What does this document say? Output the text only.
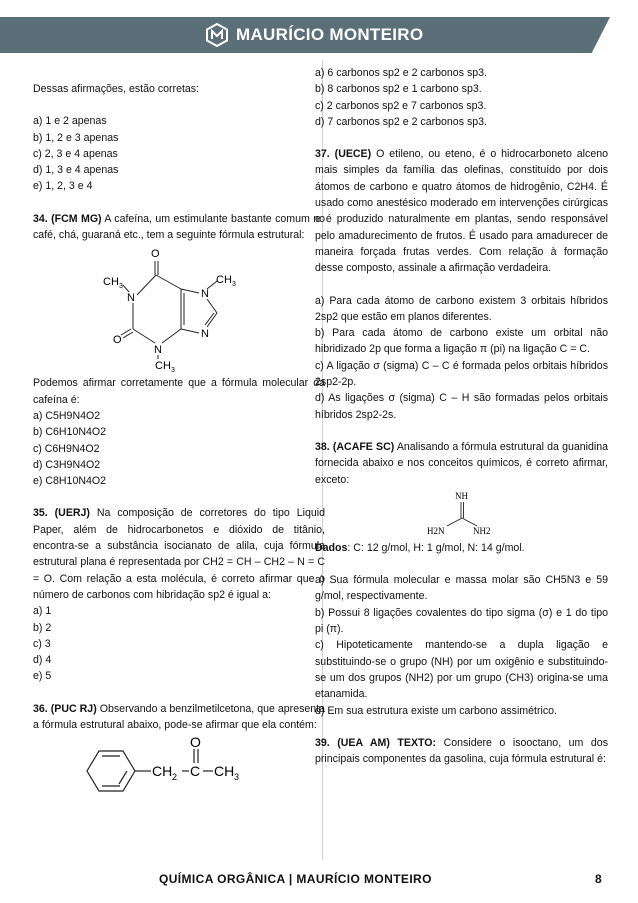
MAURÍCIO MONTEIRO

Dessas afirmações, estão corretas:

a) 1 e 2 apenas

b) 1, 2 e 3 apenas

c) 2, 3 e 4 apenas

d) 1, 3 e 4 apenas

e) 1, 2, 3 e 4

34. (FCM MG) A cafeína, um estimulante bastante comum no café, chá, guaraná etc., tem a seguinte fórmula estrutural:

O
CH 3
N
CH 3
N
N
O
N
CH 3

Podemos afirmar corretamente que a fórmula molecular da cafeína é:

a) C5H9N4O2

b) C6H10N4O2

c) C6H9N4O2

d) C3H9N4O2

e) C8H10N4O2

35. (UERJ) Na composição de corretores do tipo Liquid Paper, além de hidrocarbonetos e dióxido de titânio, encontra-se a substância isocianato de alila, cuja fórmula estrutural plana é representada por CH2 = CH – CH2 – N = C = O. Com relação a esta molécula, é correto afirmar que o número de carbonos com hibridação sp2 é igual a:

a) 1

b) 2

c) 3

d) 4

e) 5

36. (PUC RJ) Observando a benzilmetilcetona, que apresenta a fórmula estrutural abaixo, pode-se afirmar que ela contém:

O
CH 2 C CH 3

a) 6 carbonos sp2 e 2 carbonos sp3.

b) 8 carbonos sp2 e 1 carbono sp3.

c) 2 carbonos sp2 e 7 carbonos sp3.

d) 7 carbonos sp2 e 2 carbonos sp3.

37. (UECE) O etileno, ou eteno, é o hidrocarboneto alceno mais simples da família das olefinas, constituído por dois átomos de carbono e quatro átomos de hidrogênio, C2H4. É usado como anestésico moderado em intervenções cirúrgicas e é produzido naturalmente em plantas, sendo responsável pelo amadurecimento de frutos. É usado para amadurecer de maneira forçada frutas verdes. Com relação à formação desse composto, assinale a afirmação verdadeira.

a) Para cada átomo de carbono existem 3 orbitais híbridos 2sp2 que estão em planos diferentes.

b) Para cada átomo de carbono existe um orbital não hibridizado 2p que forma a ligação π (pi) na ligação C = C.

c) A ligação σ (sigma) C – C é formada pelos orbitais híbridos 2sp2-2p.

d) As ligações σ (sigma) C – H são formadas pelos orbitais híbridos 2sp2-2s.

38. (ACAFE SC) Analisando a fórmula estrutural da guanidina fornecida abaixo e nos conceitos químicos, é correto afirmar, exceto:

NH
H2N	NH2

Dados: C: 12 g/mol, H: 1 g/mol, N: 14 g/mol.

a) Sua fórmula molecular e massa molar são CH5N3 e 59 g/mol, respectivamente.

b) Possui 8 ligações covalentes do tipo sigma (σ) e 1 do tipo pi (π).

c) Hipoteticamente mantendo-se a dupla ligação e substituindo-se o grupo (NH) por um oxigênio e substituindo-se um dos grupos (NH2) por um grupo (CH3) origina-se uma etanamida.

d) Em sua estrutura existe um carbono assimétrico.

39. (UEA AM) TEXTO: Considere o isooctano, um dos principais componentes da gasolina, cuja fórmula estrutural é:

QUÍMICA ORGÂNICA | MAURÍCIO MONTEIRO	8
